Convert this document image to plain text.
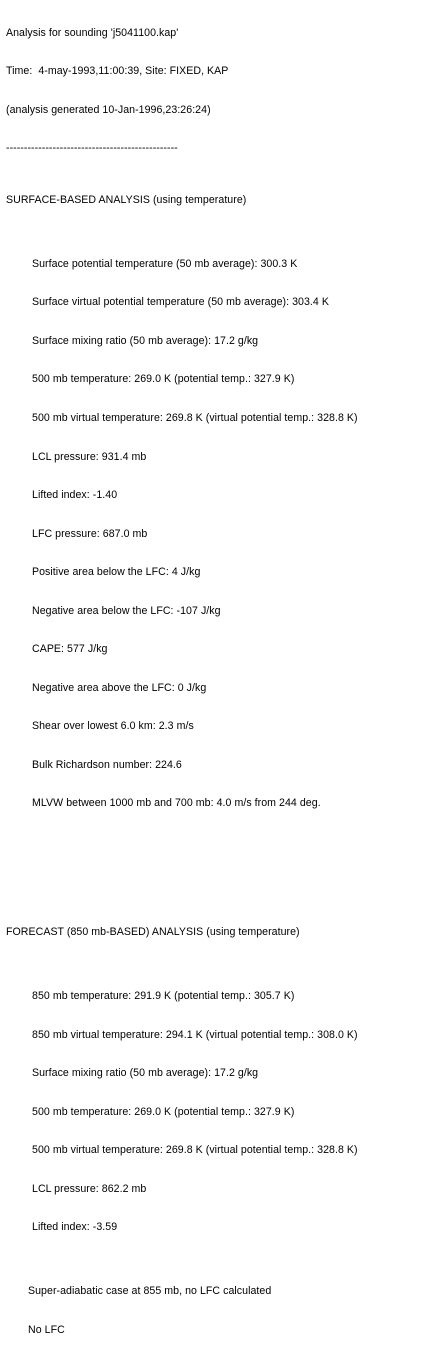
Analysis for sounding 'j5041100.kap'

Time:  4-may-1993,11:00:39, Site: FIXED, KAP

(analysis generated 10-Jan-1996,23:26:24)

------------------------------------------------

SURFACE-BASED ANALYSIS (using temperature)

Surface potential temperature (50 mb average): 300.3 K

Surface virtual potential temperature (50 mb average): 303.4 K

Surface mixing ratio (50 mb average): 17.2 g/kg

500 mb temperature: 269.0 K (potential temp.: 327.9 K)

500 mb virtual temperature: 269.8 K (virtual potential temp.: 328.8 K)

LCL pressure: 931.4 mb

Lifted index: -1.40

LFC pressure: 687.0 mb

Positive area below the LFC: 4 J/kg

Negative area below the LFC: -107 J/kg

CAPE: 577 J/kg

Negative area above the LFC: 0 J/kg

Shear over lowest 6.0 km: 2.3 m/s

Bulk Richardson number: 224.6

MLVW between 1000 mb and 700 mb: 4.0 m/s from 244 deg.

FORECAST (850 mb-BASED) ANALYSIS (using temperature)

850 mb temperature: 291.9 K (potential temp.: 305.7 K)

850 mb virtual temperature: 294.1 K (virtual potential temp.: 308.0 K)

Surface mixing ratio (50 mb average): 17.2 g/kg

500 mb temperature: 269.0 K (potential temp.: 327.9 K)

500 mb virtual temperature: 269.8 K (virtual potential temp.: 328.8 K)

LCL pressure: 862.2 mb

Lifted index: -3.59

Super-adiabatic case at 855 mb, no LFC calculated

No LFC
